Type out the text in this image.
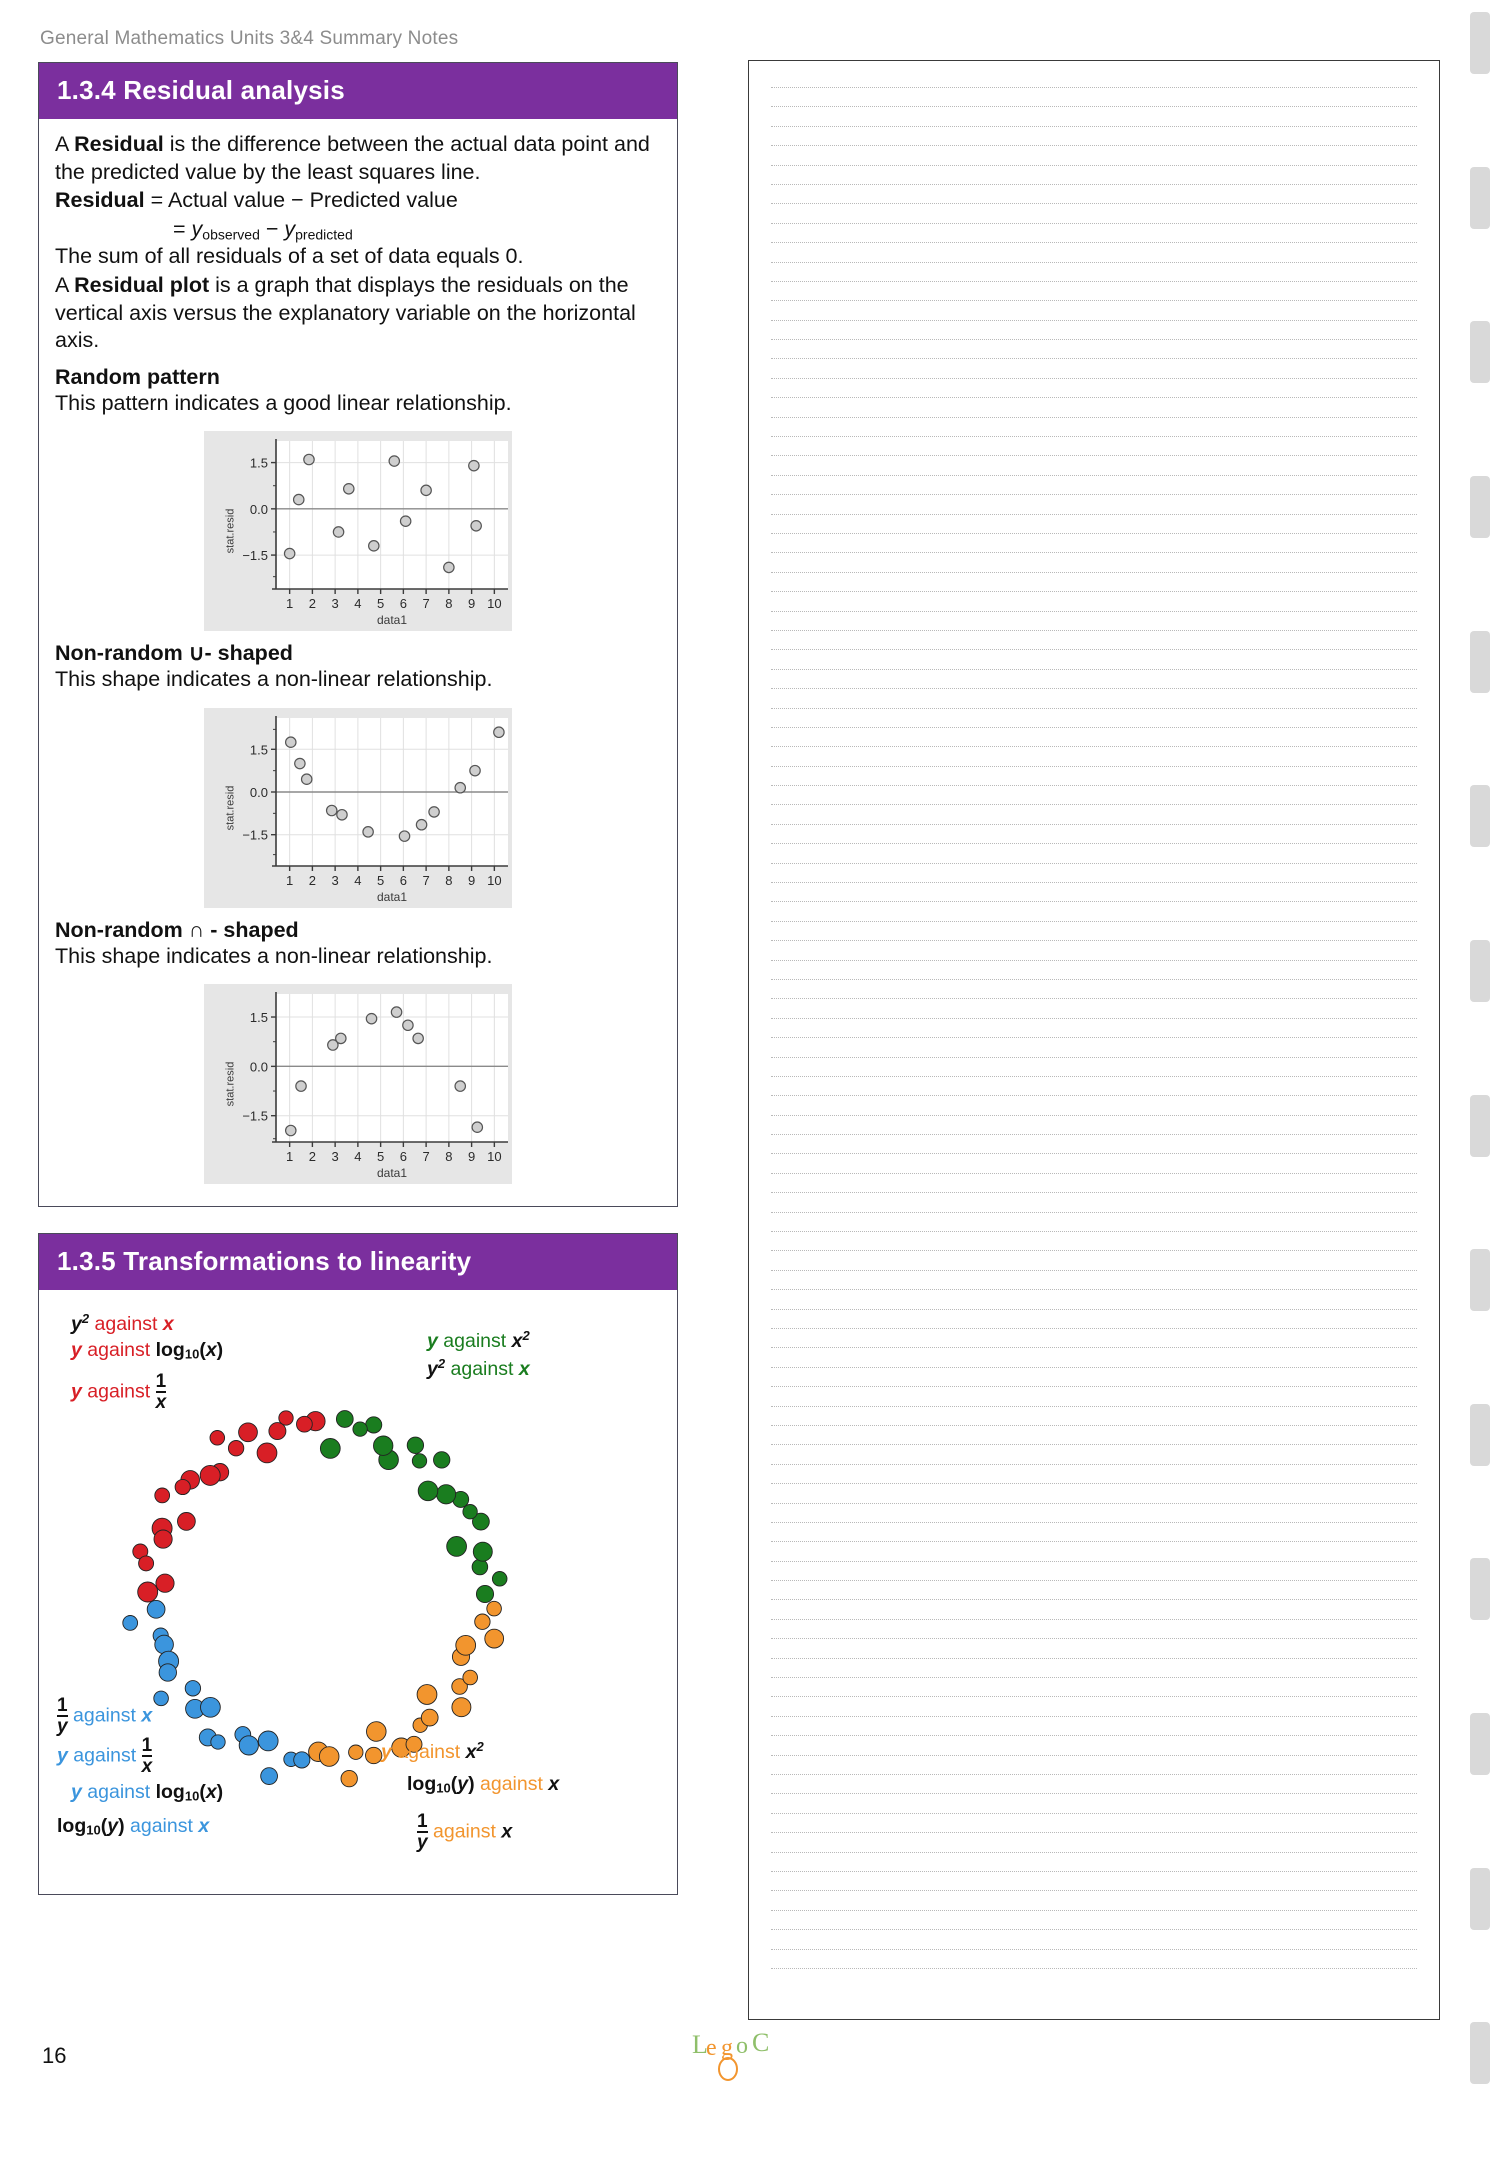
General Mathematics Units 3&4 Summary Notes
1.3.4 Residual analysis

A Residual is the difference between the actual data point and the predicted value by the least squares line.

Residual = Actual value − Predicted value

= $y_{observed} - y_{predicted}$

The sum of all residuals of a set of data equals 0.

A Residual plot is a graph that displays the residuals on the vertical axis versus the explanatory variable on the horizontal axis.

Random pattern

This pattern indicates a good linear relationship.

−1.5
0.0
1.5
1 2 3 4 5 6 7 8 9 10
stat.resid
data1
Non-random ∪- shaped

This shape indicates a non-linear relationship.

−1.5
0.0
1.5
1 2 3 4 5 6 7 8 9 10
stat.resid
data1
Non-random ∩ - shaped

This shape indicates a non-linear relationship.

−1.5
0.0
1.5
1 2 3 4 5 6 7 8 9 10
stat.resid
data1
1.3.5 Transformations to linearity
$y^2$ against x
y against log10(x)
y against $\frac{1}{x}$
y against $x^2$
$y^2$ against x
$\frac{1}{y}$ against x
y against $\frac{1}{x}$
y against log10(x)
log10(y) against x
y against $x^2$
log10(y) against x
$\frac{1}{y}$ against x
16	L
e g o C
